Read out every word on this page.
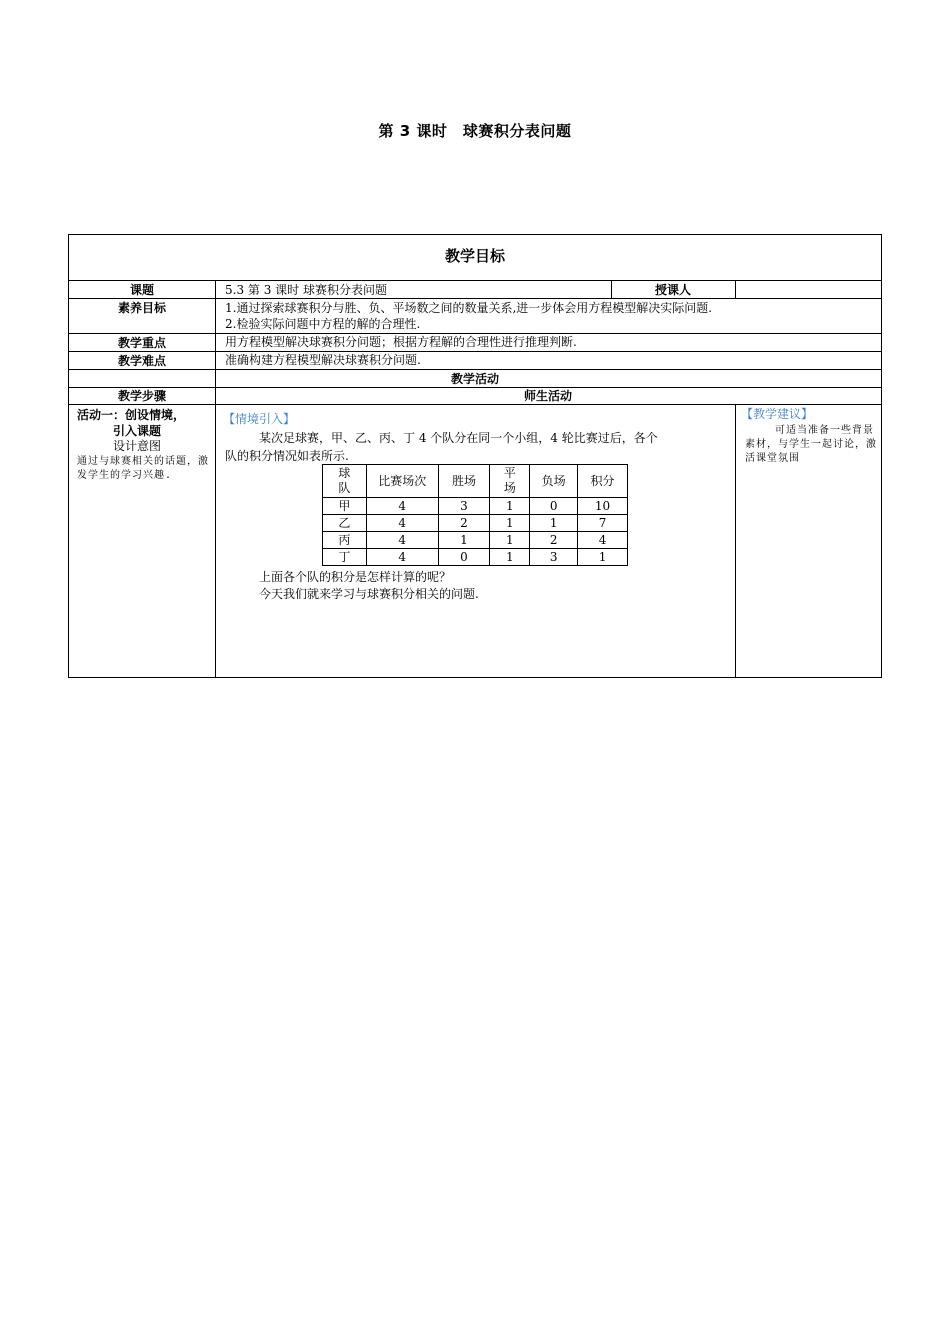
第 3 课时　球赛积分表问题
教学目标
课题	5.3 第 3 课时 球赛积分表问题	授课人
素养目标	1.通过探索球赛积分与胜、负、平场数之间的数量关系,进一步体会用方程模型解决实际问题.
2.检验实际问题中方程的解的合理性.
教学重点	用方程模型解决球赛积分问题；根据方程解的合理性进行推理判断.
教学难点	准确构建方程模型解决球赛积分问题.
教学活动
教学步骤	师生活动
活动一：创设情境，
引入课题
设计意图
通过与球赛相关的话题，激发学生的学习兴趣.
【情境引入】
某次足球赛，甲、乙、丙、丁 4 个队分在同一个小组，4 轮比赛过后，各个
队的积分情况如表所示.
球队	比赛场次	胜场	平场	负场	积分
甲	4	3	1	0	10
乙	4	2	1	1	7
丙	4	1	1	2	4
丁	4	0	1	3	1
上面各个队的积分是怎样计算的呢？
今天我们就来学习与球赛积分相关的问题.
【教学建议】
可适当准备一些背景素材，与学生一起讨论，激活课堂氛围
